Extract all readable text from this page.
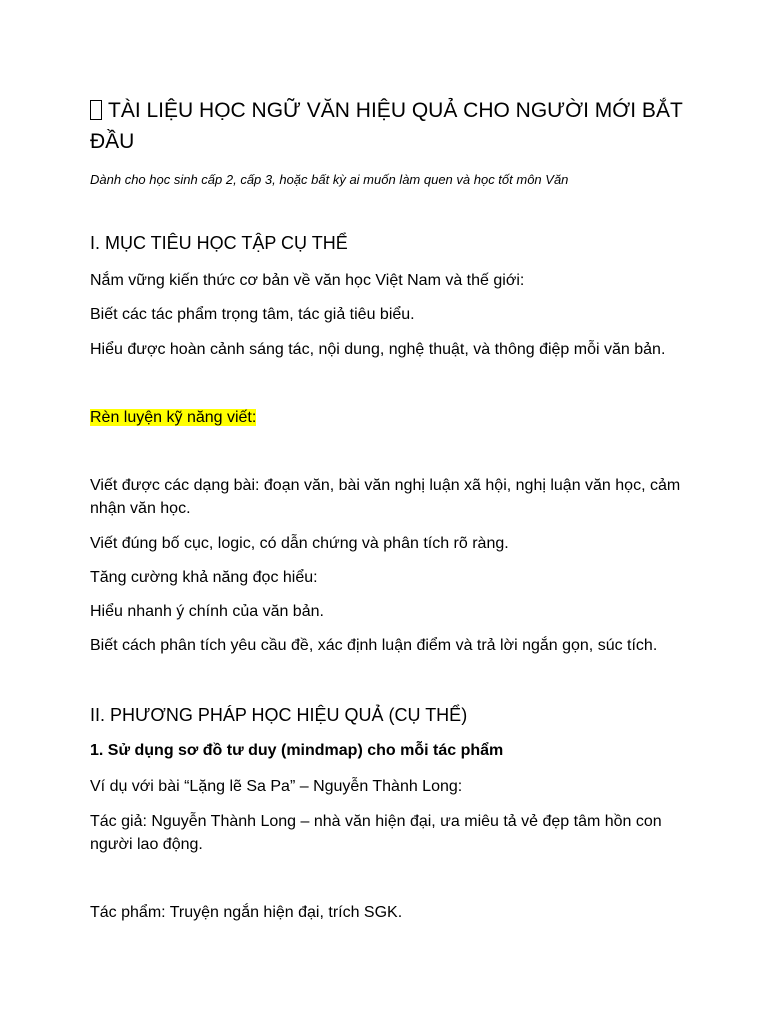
TÀI LIỆU HỌC NGỮ VĂN HIỆU QUẢ CHO NGƯỜI MỚI BẮT ĐẦU

Dành cho học sinh cấp 2, cấp 3, hoặc bất kỳ ai muốn làm quen và học tốt môn Văn

I. MỤC TIÊU HỌC TẬP CỤ THỂ

Nắm vững kiến thức cơ bản về văn học Việt Nam và thế giới:

Biết các tác phẩm trọng tâm, tác giả tiêu biểu.

Hiểu được hoàn cảnh sáng tác, nội dung, nghệ thuật, và thông điệp mỗi văn bản.

Rèn luyện kỹ năng viết:

Viết được các dạng bài: đoạn văn, bài văn nghị luận xã hội, nghị luận văn học, cảm nhận văn học.

Viết đúng bố cục, logic, có dẫn chứng và phân tích rõ ràng.

Tăng cường khả năng đọc hiểu:

Hiểu nhanh ý chính của văn bản.

Biết cách phân tích yêu cầu đề, xác định luận điểm và trả lời ngắn gọn, súc tích.

II. PHƯƠNG PHÁP HỌC HIỆU QUẢ (CỤ THỂ)
1. Sử dụng sơ đồ tư duy (mindmap) cho mỗi tác phẩm

Ví dụ với bài “Lặng lẽ Sa Pa” – Nguyễn Thành Long:

Tác giả: Nguyễn Thành Long – nhà văn hiện đại, ưa miêu tả vẻ đẹp tâm hồn con người lao động.

Tác phẩm: Truyện ngắn hiện đại, trích SGK.
